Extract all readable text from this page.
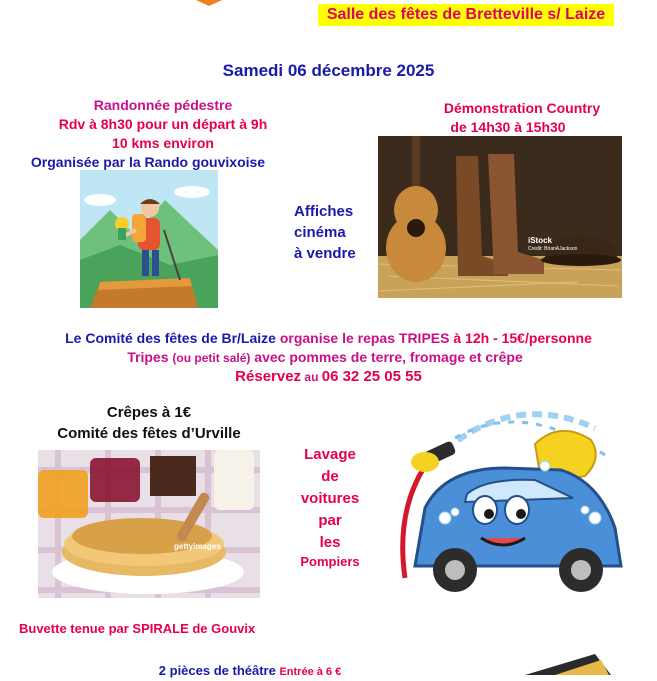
Salle des fêtes de Bretteville s/ Laize
Samedi 06 décembre 2025
Randonnée pédestre
Rdv à 8h30 pour un départ à 9h
10 kms environ
Organisée par la Rando gouvixoise
Démonstration Country
de 14h30 à 15h30
iStock
Credit: BrianAJackson
Affiches
cinéma
à vendre
Le Comité des fêtes de Br/Laize organise le repas TRIPES à 12h - 15€/personne
Tripes (ou petit salé) avec pommes de terre, fromage et crêpe
Réservez au 06 32 25 05 55
Crêpes à 1€
Comité des fêtes d’Urville
gettyimages
Lavage
de
voitures
par
les
Pompiers
Buvette tenue par SPIRALE de Gouvix
2 pièces de théâtre Entrée à 6 €
